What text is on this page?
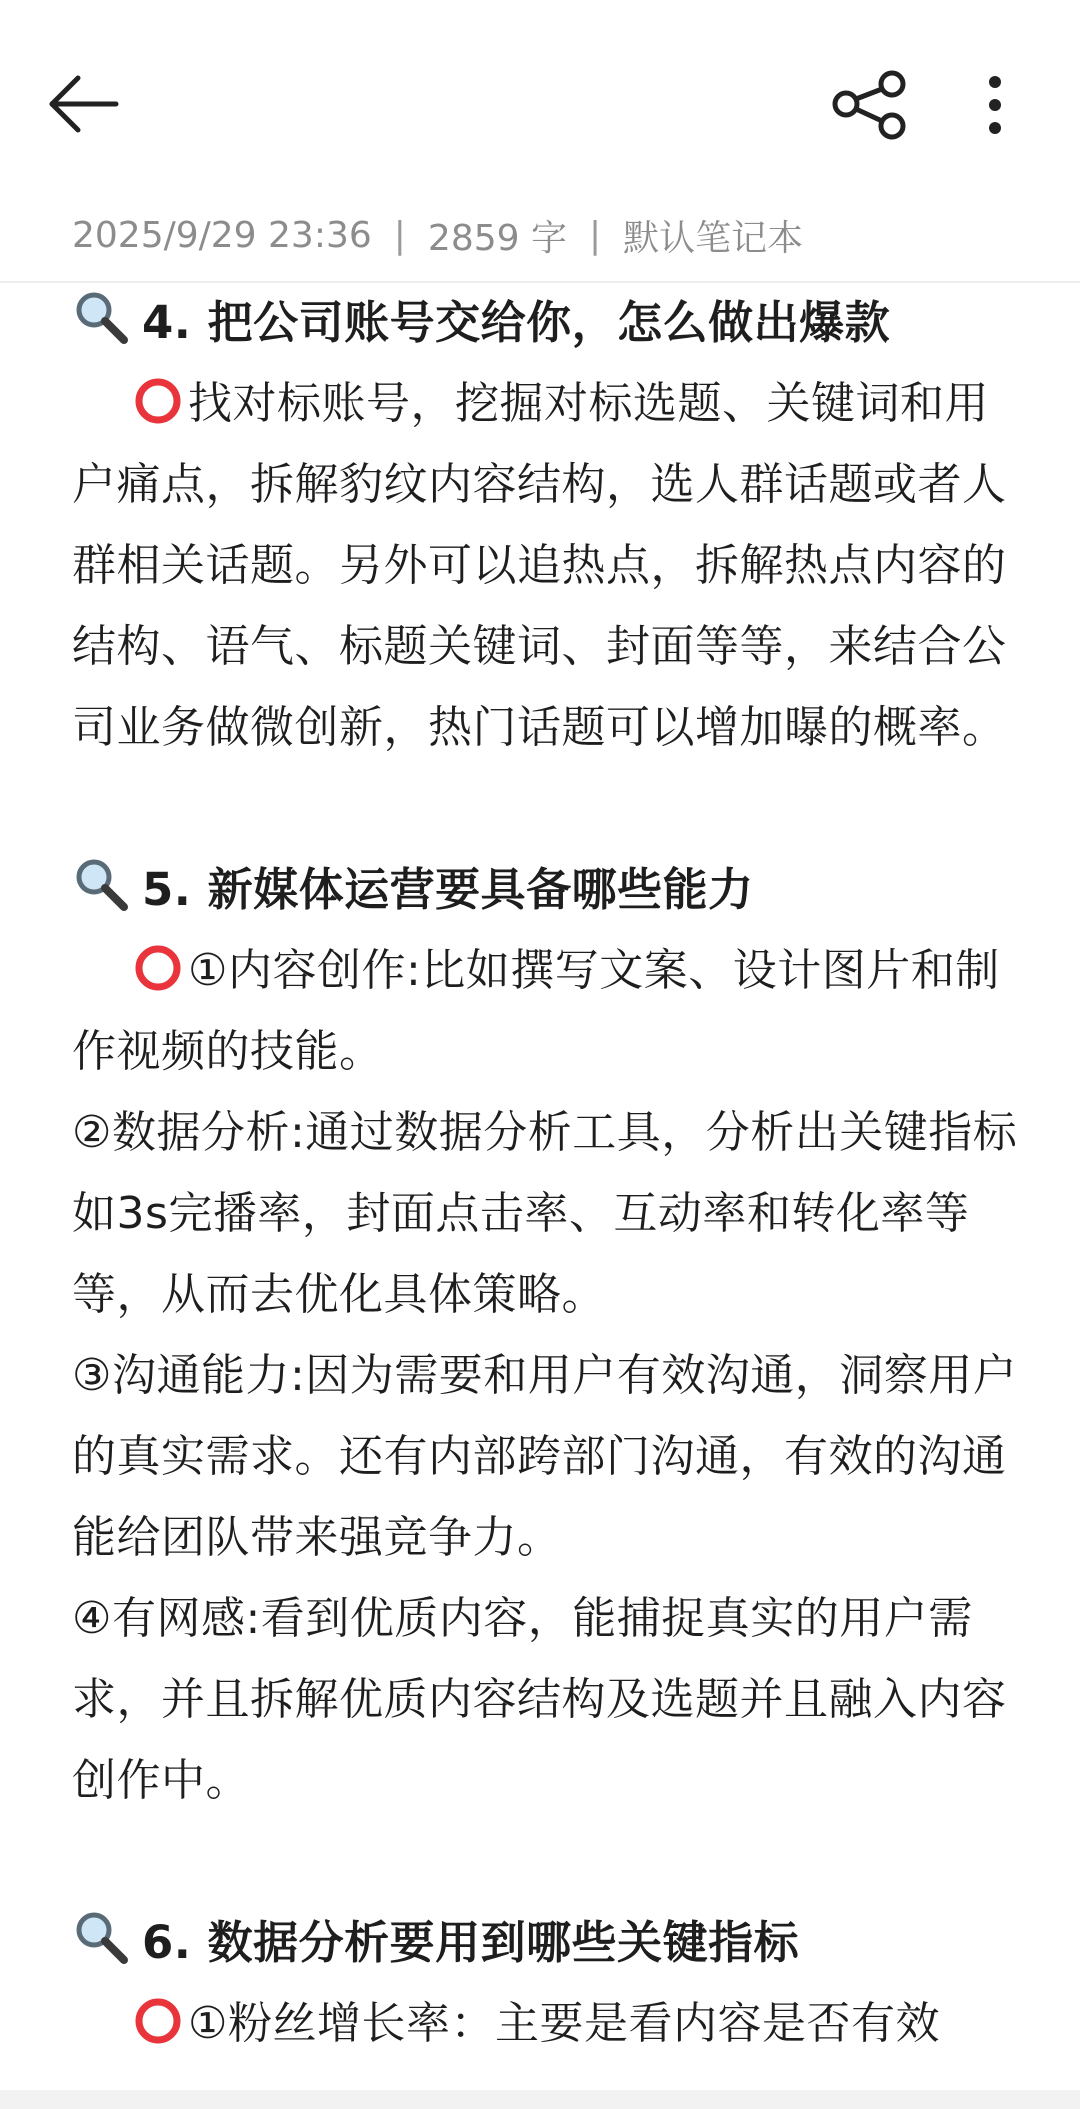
2025/9/29 23:36 | 2859 字 | 默认笔记本
4. 把公司账号交给你，怎么做出爆款

找对标账号，挖掘对标选题、关键词和用户痛点，拆解豹纹内容结构，选人群话题或者人群相关话题。另外可以追热点，拆解热点内容的结构、语气、标题关键词、封面等等，来结合公司业务做微创新，热门话题可以增加曝的概率。

5. 新媒体运营要具备哪些能力

①内容创作:比如撰写文案、设计图片和制作视频的技能。

②数据分析:通过数据分析工具，分析出关键指标如3s完播率，封面点击率、互动率和转化率等等，从而去优化具体策略。

③沟通能力:因为需要和用户有效沟通，洞察用户的真实需求。还有内部跨部门沟通，有效的沟通能给团队带来强竞争力。

④有网感:看到优质内容，能捕捉真实的用户需求，并且拆解优质内容结构及选题并且融入内容创作中。

6. 数据分析要用到哪些关键指标

①粉丝增长率：主要是看内容是否有效
